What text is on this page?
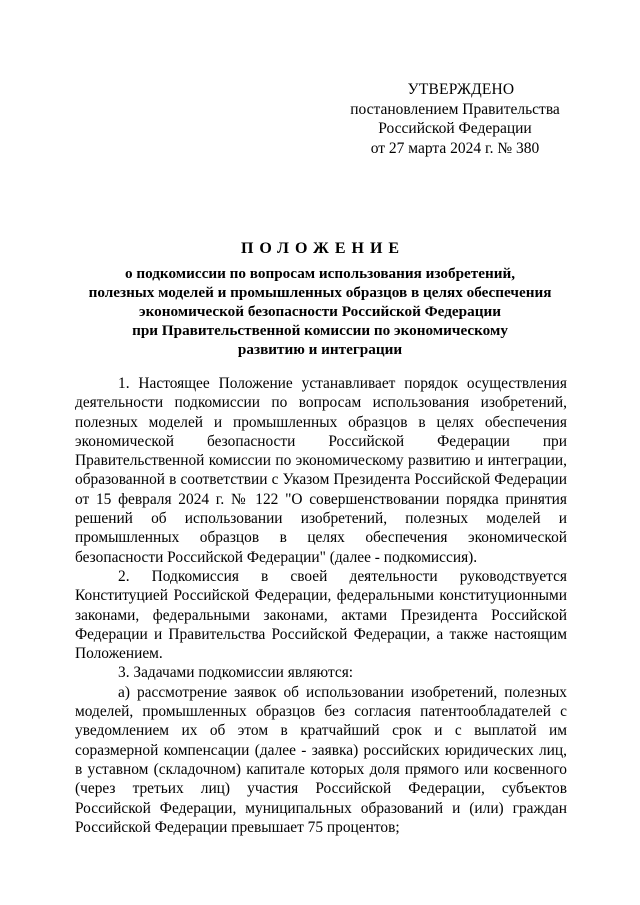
УТВЕРЖДЕНО
постановлением Правительства
Российской Федерации
от 27 марта 2024 г. № 380
ПОЛОЖЕНИЕ
о подкомиссии по вопросам использования изобретений,
полезных моделей и промышленных образцов в целях обеспечения
экономической безопасности Российской Федерации
при Правительственной комиссии по экономическому
развитию и интеграции

1. Настоящее Положение устанавливает порядок осуществления деятельности подкомиссии по вопросам использования изобретений, полезных моделей и промышленных образцов в целях обеспечения экономической безопасности Российской Федерации при Правительственной комиссии по экономическому развитию и интеграции, образованной в соответствии с Указом Президента Российской Федерации от 15 февраля 2024 г. № 122 "О совершенствовании порядка принятия решений об использовании изобретений, полезных моделей и промышленных образцов в целях обеспечения экономической безопасности Российской Федерации" (далее - подкомиссия).

2. Подкомиссия в своей деятельности руководствуется Конституцией Российской Федерации, федеральными конституционными законами, федеральными законами, актами Президента Российской Федерации и Правительства Российской Федерации, а также настоящим Положением.

3. Задачами подкомиссии являются:

а) рассмотрение заявок об использовании изобретений, полезных моделей, промышленных образцов без согласия патентообладателей с уведомлением их об этом в кратчайший срок и с выплатой им соразмерной компенсации (далее - заявка) российских юридических лиц, в уставном (складочном) капитале которых доля прямого или косвенного (через третьих лиц) участия Российской Федерации, субъектов Российской Федерации, муниципальных образований и (или) граждан Российской Федерации превышает 75 процентов;
